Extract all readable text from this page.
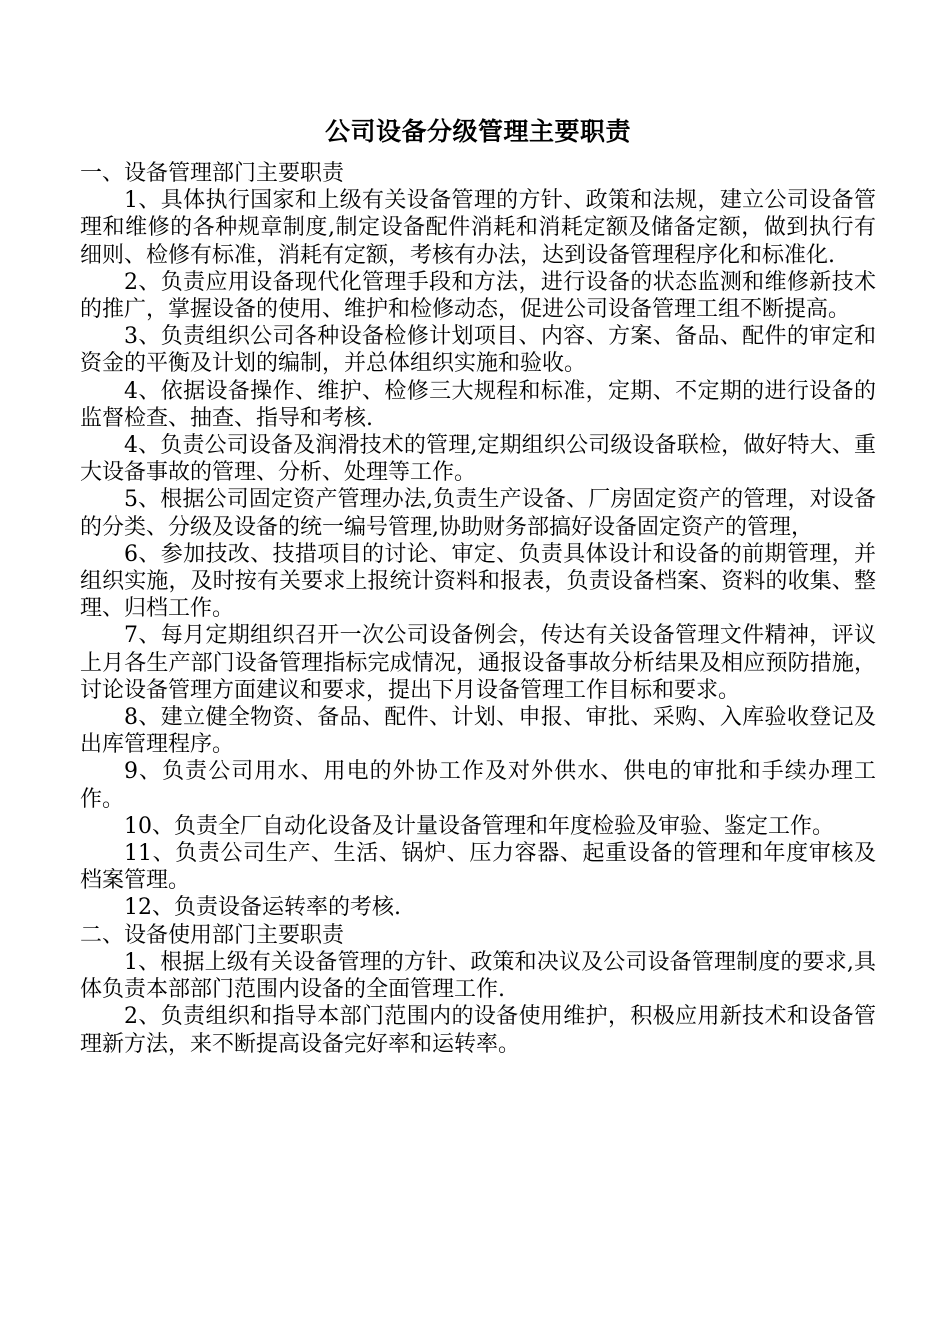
公司设备分级管理主要职责

一、设备管理部门主要职责

1、具体执行国家和上级有关设备管理的方针、政策和法规，建立公司设备管理和维修的各种规章制度,制定设备配件消耗和消耗定额及储备定额，做到执行有细则、检修有标准，消耗有定额，考核有办法，达到设备管理程序化和标准化.

2、负责应用设备现代化管理手段和方法，进行设备的状态监测和维修新技术的推广，掌握设备的使用、维护和检修动态，促进公司设备管理工组不断提高。

3、负责组织公司各种设备检修计划项目、内容、方案、备品、配件的审定和资金的平衡及计划的编制，并总体组织实施和验收。

4、依据设备操作、维护、检修三大规程和标准，定期、不定期的进行设备的监督检查、抽查、指导和考核.

4、负责公司设备及润滑技术的管理,定期组织公司级设备联检，做好特大、重大设备事故的管理、分析、处理等工作。

5、根据公司固定资产管理办法,负责生产设备、厂房固定资产的管理，对设备的分类、分级及设备的统一编号管理,协助财务部搞好设备固定资产的管理，

6、参加技改、技措项目的讨论、审定、负责具体设计和设备的前期管理，并组织实施，及时按有关要求上报统计资料和报表，负责设备档案、资料的收集、整理、归档工作。

7、每月定期组织召开一次公司设备例会，传达有关设备管理文件精神，评议上月各生产部门设备管理指标完成情况，通报设备事故分析结果及相应预防措施，讨论设备管理方面建议和要求，提出下月设备管理工作目标和要求。

8、建立健全物资、备品、配件、计划、申报、审批、采购、入库验收登记及出库管理程序。

9、负责公司用水、用电的外协工作及对外供水、供电的审批和手续办理工作。

10、负责全厂自动化设备及计量设备管理和年度检验及审验、鉴定工作。

11、负责公司生产、生活、锅炉、压力容器、起重设备的管理和年度审核及档案管理。

12、负责设备运转率的考核.

二、设备使用部门主要职责

1、根据上级有关设备管理的方针、政策和决议及公司设备管理制度的要求,具体负责本部部门范围内设备的全面管理工作.

2、负责组织和指导本部门范围内的设备使用维护，积极应用新技术和设备管理新方法，来不断提高设备完好率和运转率。
